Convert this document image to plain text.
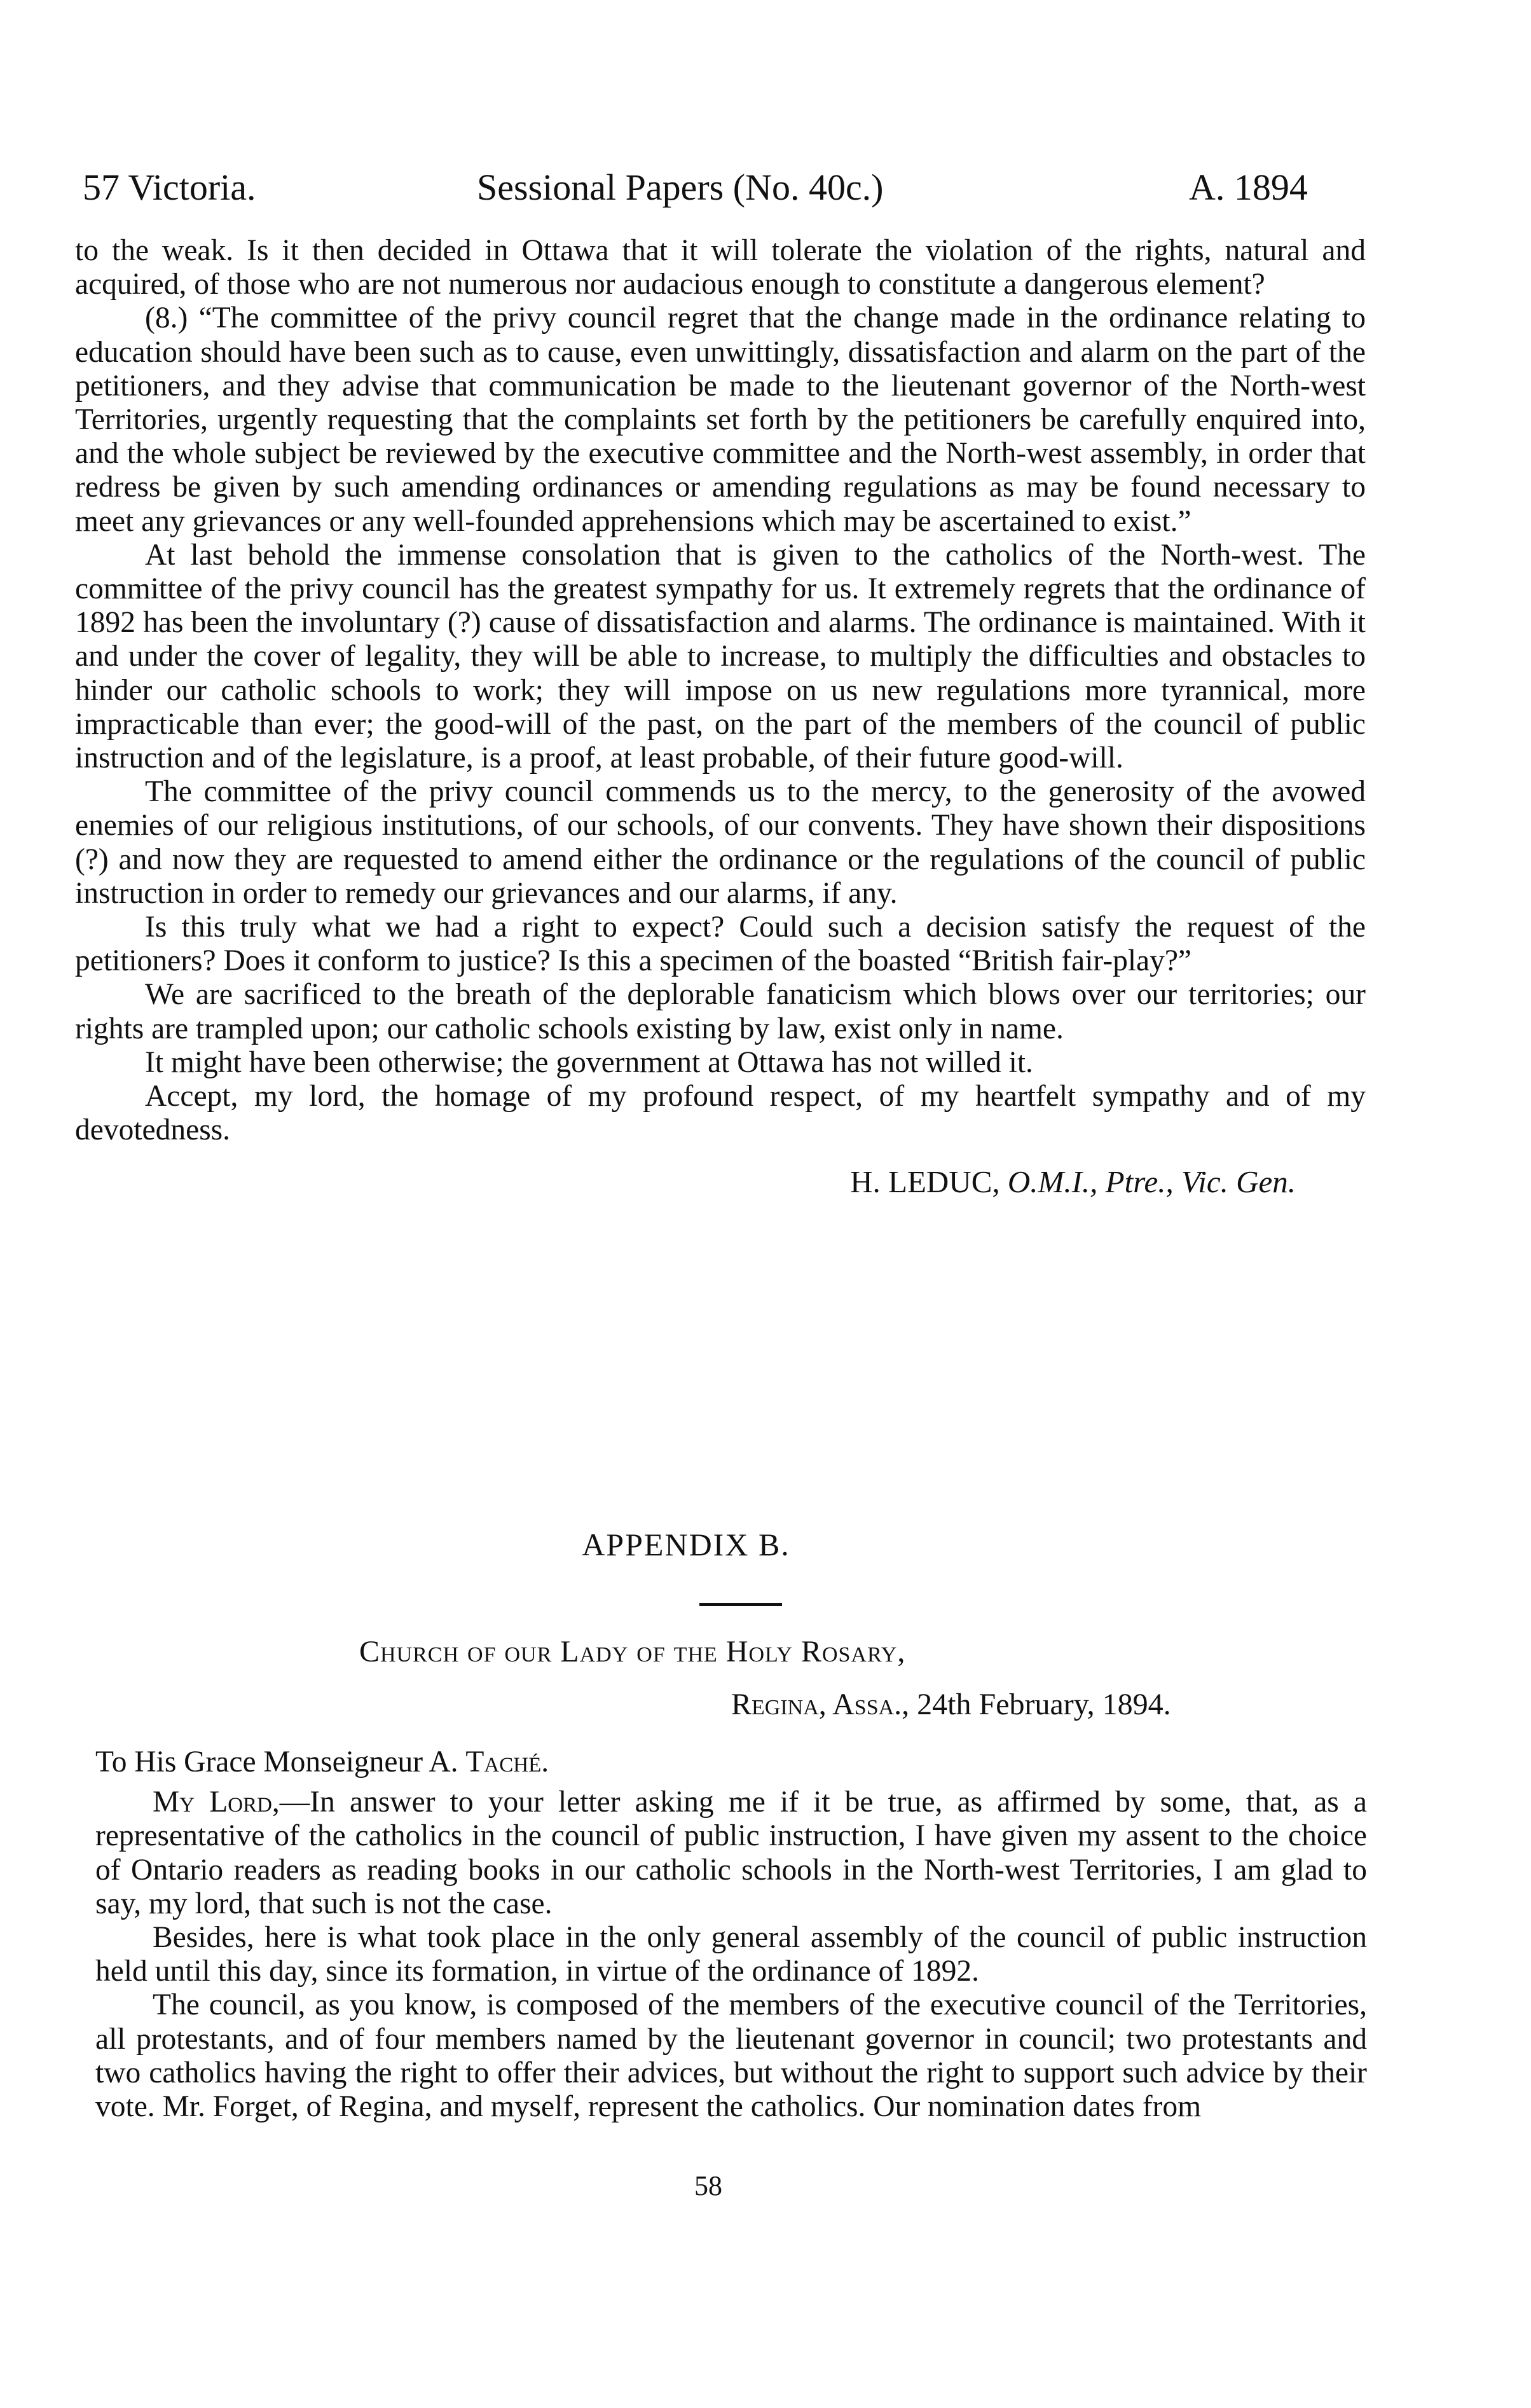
57 Victoria.	Sessional Papers (No. 40c.)	A. 1894

to the weak. Is it then decided in Ottawa that it will tolerate the violation of the rights, natural and acquired, of those who are not numerous nor audacious enough to constitute a dangerous element?

(8.) “The committee of the privy council regret that the change made in the ordinance relating to education should have been such as to cause, even unwittingly, dissatisfaction and alarm on the part of the petitioners, and they advise that communication be made to the lieutenant governor of the North-west Territories, urgently requesting that the complaints set forth by the petitioners be carefully enquired into, and the whole subject be reviewed by the executive committee and the North-west assembly, in order that redress be given by such amending ordinances or amending regulations as may be found necessary to meet any grievances or any well-founded apprehensions which may be ascertained to exist.”

At last behold the immense consolation that is given to the catholics of the North-west. The committee of the privy council has the greatest sympathy for us. It extremely regrets that the ordinance of 1892 has been the involuntary (?) cause of dissatisfaction and alarms. The ordinance is maintained. With it and under the cover of legality, they will be able to increase, to multiply the difficulties and obstacles to hinder our catholic schools to work; they will impose on us new regulations more tyrannical, more impracticable than ever; the good-will of the past, on the part of the members of the council of public instruction and of the legislature, is a proof, at least probable, of their future good-will.

The committee of the privy council commends us to the mercy, to the generosity of the avowed enemies of our religious institutions, of our schools, of our convents. They have shown their dispositions (?) and now they are requested to amend either the ordinance or the regulations of the council of public instruction in order to remedy our grievances and our alarms, if any.

Is this truly what we had a right to expect? Could such a decision satisfy the request of the petitioners? Does it conform to justice? Is this a specimen of the boasted “British fair-play?”

We are sacrificed to the breath of the deplorable fanaticism which blows over our territories; our rights are trampled upon; our catholic schools existing by law, exist only in name.

It might have been otherwise; the government at Ottawa has not willed it.

Accept, my lord, the homage of my profound respect, of my heartfelt sympathy and of my devotedness.

H. LEDUC, O.M.I., Ptre., Vic. Gen.

APPENDIX B.
Church of our Lady of the Holy Rosary,
Regina, Assa., 24th February, 1894.

To His Grace Monseigneur A. Taché.

My Lord,—In answer to your letter asking me if it be true, as affirmed by some, that, as a representative of the catholics in the council of public instruction, I have given my assent to the choice of Ontario readers as reading books in our catholic schools in the North-west Territories, I am glad to say, my lord, that such is not the case.

Besides, here is what took place in the only general assembly of the council of public instruction held until this day, since its formation, in virtue of the ordinance of 1892.

The council, as you know, is composed of the members of the executive council of the Territories, all protestants, and of four members named by the lieutenant governor in council; two protestants and two catholics having the right to offer their advices, but without the right to support such advice by their vote. Mr. Forget, of Regina, and myself, represent the catholics. Our nomination dates from

58
